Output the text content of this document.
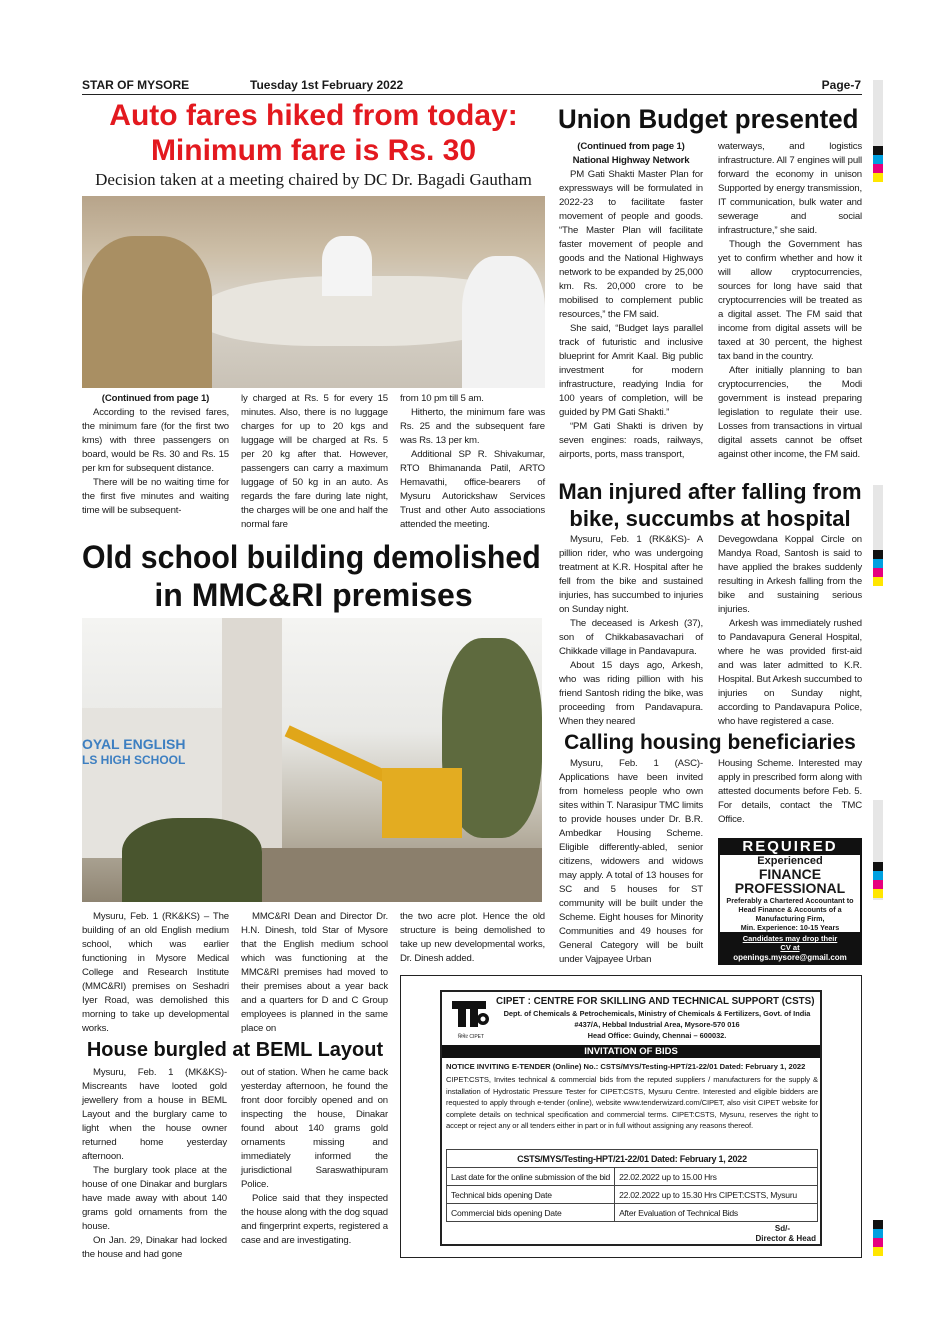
STAR OF MYSORE	Tuesday 1st February 2022	Page-7
Auto fares hiked from today:
Minimum fare is Rs. 30
Decision taken at a meeting chaired by DC Dr. Bagadi Gautham

(Continued from page 1)

According to the revised fares, the minimum fare (for the first two kms) with three passengers on board, would be Rs. 30 and Rs. 15 per km for subsequent distance.

There will be no waiting time for the first five minutes and waiting time will be subsequent-

ly charged at Rs. 5 for every 15 minutes. Also, there is no luggage charges for up to 20 kgs and luggage will be charged at Rs. 5 per 20 kg after that. However, passengers can carry a maximum luggage of 50 kg in an auto. As regards the fare during late night, the charges will be one and half the normal fare

from 10 pm till 5 am.

Hitherto, the minimum fare was Rs. 25 and the subsequent fare was Rs. 13 per km.

Additional SP R. Shivakumar, RTO Bhimananda Patil, ARTO Hemavathi, office-bearers of Mysuru Autorickshaw Services Trust and other Auto associations attended the meeting.

Old school building demolished
in MMC&RI premises
OYAL ENGLISH
LS HIGH SCHOOL

Mysuru, Feb. 1 (RK&KS) – The building of an old English medium school, which was earlier functioning in Mysore Medical College and Research Institute (MMC&RI) premises on Seshadri Iyer Road, was demolished this morning to take up developmental works.

MMC&RI Dean and Director Dr. H.N. Dinesh, told Star of Mysore that the English medium school which was functioning at the MMC&RI premises had moved to their premises about a year back and a quarters for D and C Group employees is planned in the same place on

the two acre plot. Hence the old structure is being demolished to take up new developmental works, Dr. Dinesh added.

House burgled at BEML Layout

Mysuru, Feb. 1 (MK&KS)- Miscreants have looted gold jewellery from a house in BEML Layout and the burglary came to light when the house owner returned home yesterday afternoon.

The burglary took place at the house of one Dinakar and burglars have made away with about 140 grams gold ornaments from the house.

On Jan. 29, Dinakar had locked the house and had gone

out of station. When he came back yesterday afternoon, he found the front door forcibly opened and on inspecting the house, Dinakar found about 140 grams gold ornaments missing and immediately informed the jurisdictional Saraswathipuram Police.

Police said that they inspected the house along with the dog squad and fingerprint experts, registered a case and are investigating.

Union Budget presented

(Continued from page 1)

National Highway Network

PM Gati Shakti Master Plan for expressways will be formulated in 2022-23 to facilitate faster movement of people and goods. “The Master Plan will facilitate faster movement of people and goods and the National Highways network to be expanded by 25,000 km. Rs. 20,000 crore to be mobilised to complement public resources,” the FM said.

She said, “Budget lays parallel track of futuristic and inclusive blueprint for Amrit Kaal. Big public investment for modern infrastructure, readying India for 100 years of completion, will be guided by PM Gati Shakti.”

“PM Gati Shakti is driven by seven engines: roads, railways, airports, ports, mass transport,

waterways, and logistics infrastructure. All 7 engines will pull forward the economy in unison Supported by energy transmission, IT communication, bulk water and sewerage and social infrastructure,” she said.

Though the Government has yet to confirm whether and how it will allow cryptocurrencies, sources for long have said that cryptocurrencies will be treated as a digital asset. The FM said that income from digital assets will be taxed at 30 percent, the highest tax band in the country.

After initially planning to ban cryptocurrencies, the Modi government is instead preparing legislation to regulate their use. Losses from transactions in virtual digital assets cannot be offset against other income, the FM said.

Man injured after falling from
bike, succumbs at hospital

Mysuru, Feb. 1 (RK&KS)- A pillion rider, who was undergoing treatment at K.R. Hospital after he fell from the bike and sustained injuries, has succumbed to injuries on Sunday night.

The deceased is Arkesh (37), son of Chikkabasavachari of Chikkade village in Pandavapura.

About 15 days ago, Arkesh, who was riding pillion with his friend Santosh riding the bike, was proceeding from Pandavapura. When they neared

Devegowdana Koppal Circle on Mandya Road, Santosh is said to have applied the brakes suddenly resulting in Arkesh falling from the bike and sustaining serious injuries.

Arkesh was immediately rushed to Pandavapura General Hospital, where he was provided first-aid and was later admitted to K.R. Hospital. But Arkesh succumbed to injuries on Sunday night, according to Pandavapura Police, who have registered a case.

Calling housing beneficiaries

Mysuru, Feb. 1 (ASC)- Applications have been invited from homeless people who own sites within T. Narasipur TMC limits to provide houses under Dr. B.R. Ambedkar Housing Scheme. Eligible differently-abled, senior citizens, widowers and widows may apply. A total of 13 houses for SC and 5 houses for ST community will be built under the Scheme. Eight houses for Minority Communities and 49 houses for General Category will be built under Vajpayee Urban

Housing Scheme. Interested may apply in prescribed form along with attested documents before Feb. 5. For details, contact the TMC Office.

REQUIRED
Experienced
FINANCE
PROFESSIONAL
Preferably a Chartered Accountant to Head Finance & Accounts of a Manufacturing Firm,
Min. Experience: 10-15 Years
Candidates may drop their
CV at
openings.mysore@gmail.com
सिपेट CIPET
CIPET : CENTRE FOR SKILLING AND TECHNICAL SUPPORT (CSTS)
Dept. of Chemicals & Petrochemicals, Ministry of Chemicals & Fertilizers, Govt. of India
#437/A, Hebbal Industrial Area, Mysore-570 016
Head Office: Guindy, Chennai – 600032.
INVITATION OF BIDS
NOTICE INVITING E-TENDER (Online) No.: CSTS/MYS/Testing-HPT/21-22/01 Dated: February 1, 2022
CIPET:CSTS, Invites technical & commercial bids from the reputed suppliers / manufacturers for the supply & installation of Hydrostatic Pressure Tester for CIPET:CSTS, Mysuru Centre. Interested and eligible bidders are requested to apply through e-tender (online), website www.tenderwizard.com/CIPET, also visit CIPET website for complete details on technical specification and commercial terms. CIPET:CSTS, Mysuru, reserves the right to accept or reject any or all tenders either in part or in full without assigning any reasons thereof.
CSTS/MYS/Testing-HPT/21-22/01 Dated: February 1, 2022	
Last date for the online submission of the bid	22.02.2022 up to 15.00 Hrs
Technical bids opening Date	22.02.2022 up to 15.30 Hrs CIPET:CSTS, Mysuru
Commercial bids opening Date	After Evaluation of Technical Bids
Sd/-
Director & Head
